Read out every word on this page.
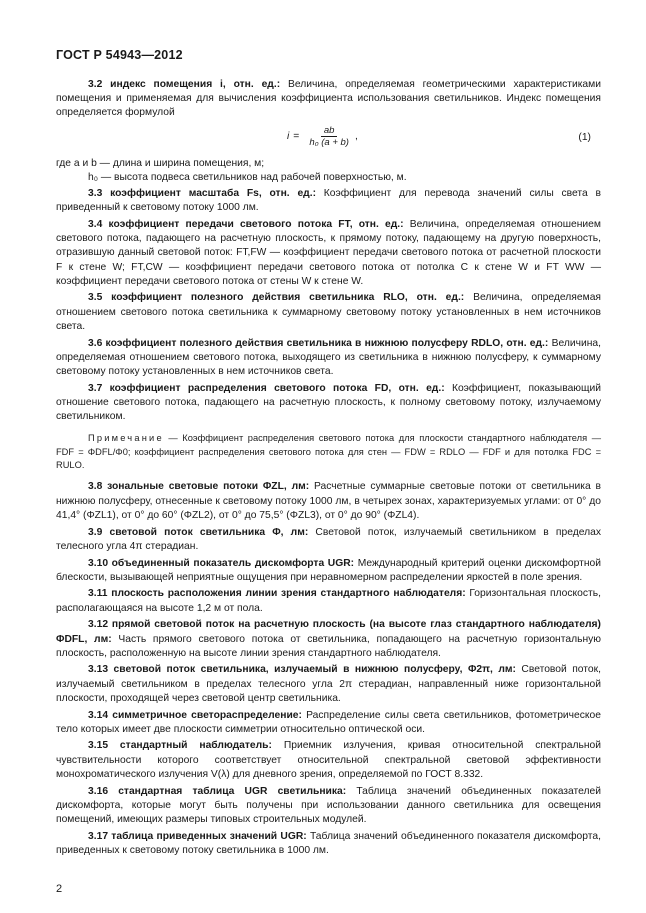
ГОСТ Р 54943—2012

3.2 индекс помещения i, отн. ед.: Величина, определяемая геометрическими характеристиками помещения и применяемая для вычисления коэффициента использования светильников. Индекс помещения определяется формулой

$i = \frac{ab}{\text{h₀ (a + b)}}$ ,	(1)

где a и b — длина и ширина помещения, м;

h₀ — высота подвеса светильников над рабочей поверхностью, м.

3.3 коэффициент масштаба Fs, отн. ед.: Коэффициент для перевода значений силы света в приведенный к световому потоку 1000 лм.

3.4 коэффициент передачи светового потока FT, отн. ед.: Величина, определяемая отношением светового потока, падающего на расчетную плоскость, к прямому потоку, падающему на другую поверхность, отразившую данный световой поток: FT,FW — коэффициент передачи светового потока от расчетной плоскости F к стене W; FT,CW — коэффициент передачи светового потока от потолка C к стене W и FT WW — коэффициент передачи светового потока от стены W к стене W.

3.5 коэффициент полезного действия светильника RLO, отн. ед.: Величина, определяемая отношением светового потока светильника к суммарному световому потоку установленных в нем источников света.

3.6 коэффициент полезного действия светильника в нижнюю полусферу RDLO, отн. ед.: Величина, определяемая отношением светового потока, выходящего из светильника в нижнюю полусферу, к суммарному световому потоку установленных в нем источников света.

3.7 коэффициент распределения светового потока FD, отн. ед.: Коэффициент, показывающий отношение светового потока, падающего на расчетную плоскость, к полному световому потоку, излучаемому светильником.

Примечание — Коэффициент распределения светового потока для плоскости стандартного наблюдателя — FDF = ΦDFL/Φ0; коэффициент распределения светового потока для стен — FDW = RDLO — FDF и для потолка FDC = RULO.

3.8 зональные световые потоки ΦZL, лм: Расчетные суммарные световые потоки от светильника в нижнюю полусферу, отнесенные к световому потоку 1000 лм, в четырех зонах, характеризуемых углами: от 0° до 41,4° (ΦZL1), от 0° до 60° (ΦZL2), от 0° до 75,5° (ΦZL3), от 0° до 90° (ΦZL4).

3.9 световой поток светильника Φ, лм: Световой поток, излучаемый светильником в пределах телесного угла 4π стерадиан.

3.10 объединенный показатель дискомфорта UGR: Международный критерий оценки дискомфортной блескости, вызывающей неприятные ощущения при неравномерном распределении яркостей в поле зрения.

3.11 плоскость расположения линии зрения стандартного наблюдателя: Горизонтальная плоскость, располагающаяся на высоте 1,2 м от пола.

3.12 прямой световой поток на расчетную плоскость (на высоте глаз стандартного наблюдателя) ΦDFL, лм: Часть прямого светового потока от светильника, попадающего на расчетную горизонтальную плоскость, расположенную на высоте линии зрения стандартного наблюдателя.

3.13 световой поток светильника, излучаемый в нижнюю полусферу, Φ2π, лм: Световой поток, излучаемый светильником в пределах телесного угла 2π стерадиан, направленный ниже горизонтальной плоскости, проходящей через световой центр светильника.

3.14 симметричное светораспределение: Распределение силы света светильников, фотометрическое тело которых имеет две плоскости симметрии относительно оптической оси.

3.15 стандартный наблюдатель: Приемник излучения, кривая относительной спектральной чувствительности которого соответствует относительной спектральной световой эффективности монохроматического излучения V(λ) для дневного зрения, определяемой по ГОСТ 8.332.

3.16 стандартная таблица UGR светильника: Таблица значений объединенных показателей дискомфорта, которые могут быть получены при использовании данного светильника для освещения помещений, имеющих размеры типовых строительных модулей.

3.17 таблица приведенных значений UGR: Таблица значений объединенного показателя дискомфорта, приведенных к световому потоку светильника в 1000 лм.

2
